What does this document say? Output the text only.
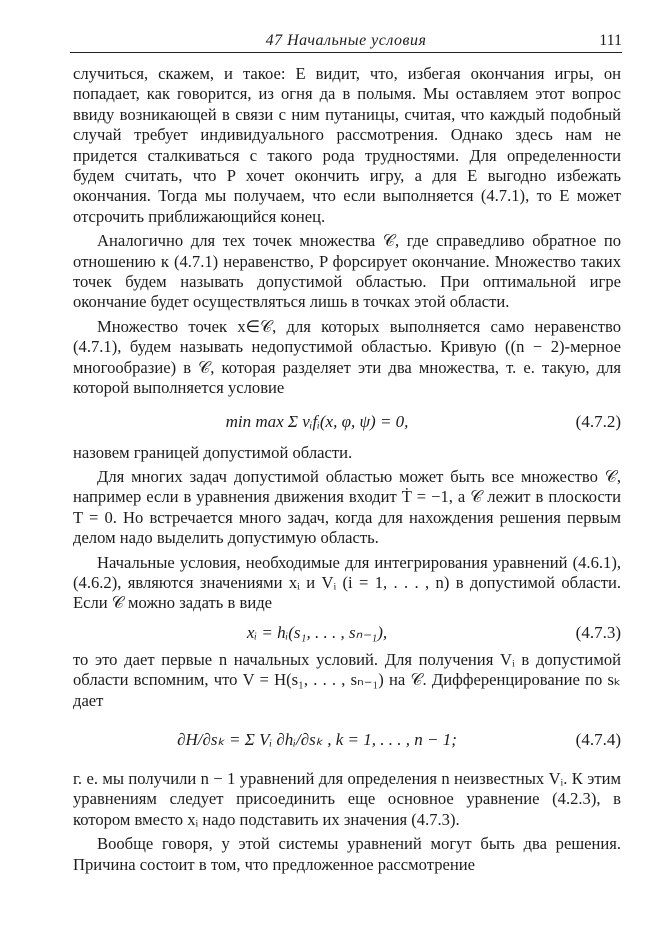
47 Начальные условия	111

случиться, скажем, и такое: E видит, что, избегая окончания игры, он попадает, как говорится, из огня да в полымя. Мы оставляем этот вопрос ввиду возникающей в связи с ним путаницы, считая, что каждый подобный случай требует индивидуального рассмотрения. Однако здесь нам не придется сталкиваться с такого рода трудностями. Для определенности будем считать, что P хочет окончить игру, а для E выгодно избежать окончания. Тогда мы получаем, что если выполняется (4.7.1), то E может отсрочить приближающийся конец.

Аналогично для тех точек множества 𝒞, где справедливо обратное по отношению к (4.7.1) неравенство, P форсирует окончание. Множество таких точек будем называть допустимой областью. При оптимальной игре окончание будет осуществляться лишь в точках этой области.

Множество точек x∈𝒞, для которых выполняется само неравенство (4.7.1), будем называть недопустимой областью. Кривую ((n − 2)-мерное многообразие) в 𝒞, которая разделяет эти два множества, т. е. такую, для которой выполняется условие

min max Σ vᵢfᵢ(x, φ, ψ) = 0,	(4.7.2)

назовем границей допустимой области.

Для многих задач допустимой областью может быть все множество 𝒞, например если в уравнения движения входит Ṫ = −1, а 𝒞 лежит в плоскости T = 0. Но встречается много задач, когда для нахождения решения первым делом надо выделить допустимую область.

Начальные условия, необходимые для интегрирования уравнений (4.6.1), (4.6.2), являются значениями xᵢ и Vᵢ (i = 1, . . . , n) в допустимой области. Если 𝒞 можно задать в виде

xᵢ = hᵢ(s₁, . . . , sₙ₋₁),	(4.7.3)

то это дает первые n начальных условий. Для получения Vᵢ в допустимой области вспомним, что V = H(s₁, . . . , sₙ₋₁) на 𝒞. Дифференцирование по sₖ дает

∂H/∂sₖ = Σ Vᵢ ∂hᵢ/∂sₖ , k = 1, . . . , n − 1;	(4.7.4)

г. е. мы получили n − 1 уравнений для определения n неизвестных Vᵢ. К этим уравнениям следует присоединить еще основное уравнение (4.2.3), в котором вместо xᵢ надо подставить их значения (4.7.3).

Вообще говоря, у этой системы уравнений могут быть два решения. Причина состоит в том, что предложенное рассмотрение
